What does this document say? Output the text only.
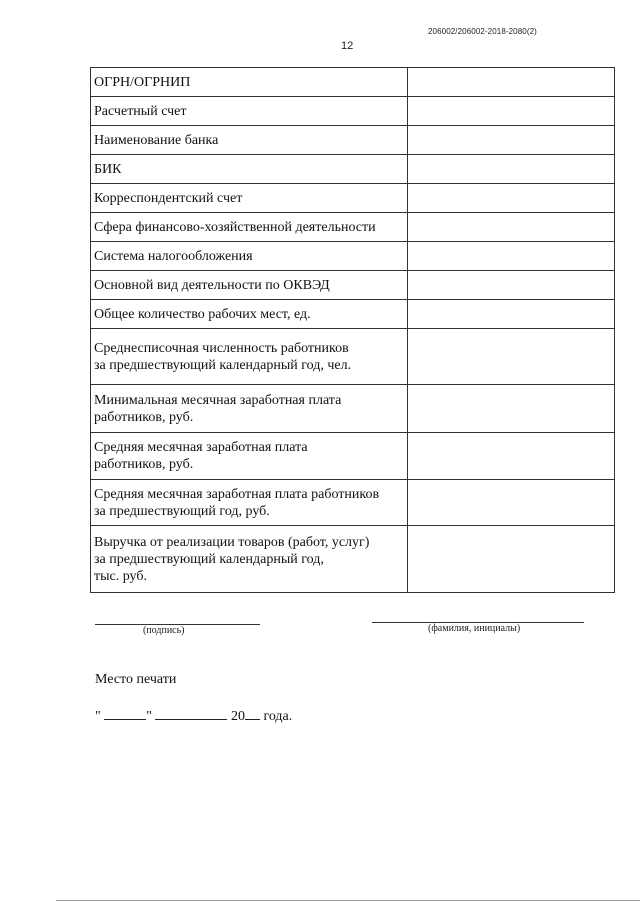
206002/206002-2018-2080(2)
12
ОГРН/ОГРНИП	
Расчетный счет	
Наименование банка	
БИК	
Корреспондентский счет	
Сфера финансово-хозяйственной деятельности	
Система налогообложения	
Основной вид деятельности по ОКВЭД	
Общее количество рабочих мест, ед.	
Среднесписочная численность работников
за предшествующий календарный год, чел.	
Минимальная месячная заработная плата
работников, руб.	
Средняя месячная заработная плата
работников, руб.	
Средняя месячная заработная плата работников
за предшествующий год, руб.	
Выручка от реализации товаров (работ, услуг)
за предшествующий календарный год,
тыс. руб.	
(подпись)	(фамилия, инициалы)
Место печати
"	"	20 года.
